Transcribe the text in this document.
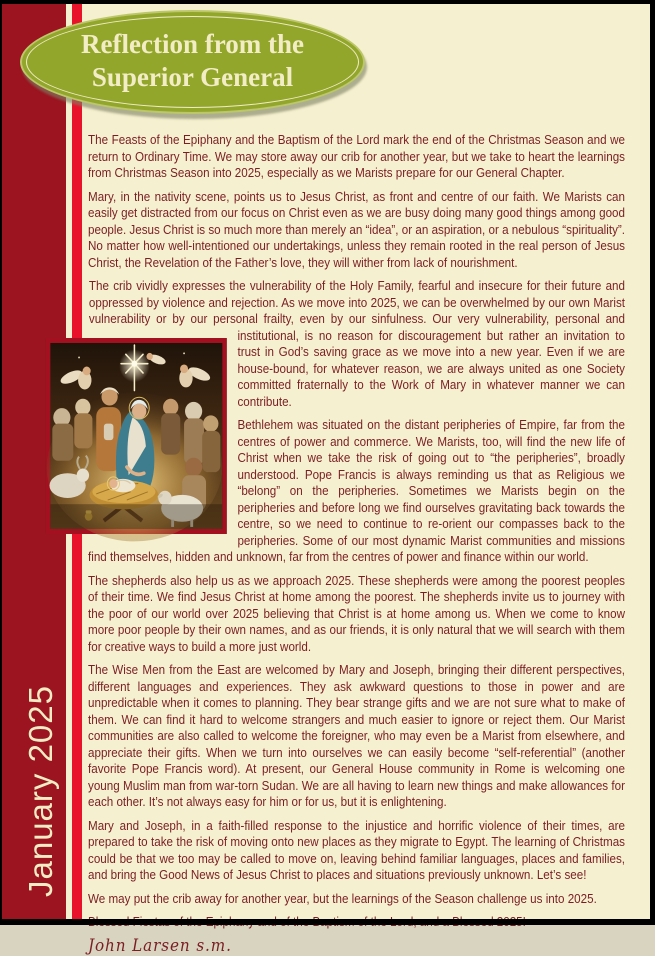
January 2025
Reflection from the
Superior General

The Feasts of the Epiphany and the Baptism of the Lord mark the end of the Christmas Season and we return to Ordinary Time. We may store away our crib for another year, but we take to heart the learnings from Christmas Season into 2025, especially as we Marists prepare for our General Chapter.

Mary, in the nativity scene, points us to Jesus Christ, as front and centre of our faith. We Marists can easily get distracted from our focus on Christ even as we are busy doing many good things among good people. Jesus Christ is so much more than merely an “idea”, or an aspiration, or a nebulous “spirituality”. No matter how well-intentioned our undertakings, unless they remain rooted in the real person of Jesus Christ, the Revelation of the Father’s love, they will wither from lack of nourishment.

The crib vividly expresses the vulnerability of the Holy Family, fearful and insecure for their future and oppressed by violence and rejection. As we move into 2025, we can be overwhelmed by our own Marist vulnerability or by our personal frailty, even by our sinfulness. Our very vulnerability, personal and institutional, is no reason for discouragement but rather an invitation to trust in God’s saving grace as we move into a new year. Even if we are house-bound, for whatever reason, we are always united as one Society committed fraternally to the Work of Mary in whatever manner we can contribute.

Bethlehem was situated on the distant peripheries of Empire, far from the centres of power and commerce. We Marists, too, will find the new life of Christ when we take the risk of going out to “the peripheries”, broadly understood. Pope Francis is always reminding us that as Religious we “belong” on the peripheries. Sometimes we Marists begin on the peripheries and before long we find ourselves gravitating back towards the centre, so we need to continue to re-orient our compasses back to the peripheries. Some of our most dynamic Marist communities and missions find themselves, hidden and unknown, far from the centres of power and finance within our world.

The shepherds also help us as we approach 2025. These shepherds were among the poorest peoples of their time. We find Jesus Christ at home among the poorest. The shepherds invite us to journey with the poor of our world over 2025 believing that Christ is at home among us. When we come to know more poor people by their own names, and as our friends, it is only natural that we will search with them for creative ways to build a more just world.

The Wise Men from the East are welcomed by Mary and Joseph, bringing their different perspectives, different languages and experiences. They ask awkward questions to those in power and are unpredictable when it comes to planning. They bear strange gifts and we are not sure what to make of them. We can find it hard to welcome strangers and much easier to ignore or reject them. Our Marist communities are also called to welcome the foreigner, who may even be a Marist from elsewhere, and appreciate their gifts. When we turn into ourselves we can easily become “self-referential” (another favorite Pope Francis word). At present, our General House community in Rome is welcoming one young Muslim man from war-torn Sudan. We are all having to learn new things and make allowances for each other. It’s not always easy for him or for us, but it is enlightening.

Mary and Joseph, in a faith-filled response to the injustice and horrific violence of their times, are prepared to take the risk of moving onto new places as they migrate to Egypt. The learning of Christmas could be that we too may be called to move on, leaving behind familiar languages, places and families, and bring the Good News of Jesus Christ to places and situations previously unknown. Let’s see!

We may put the crib away for another year, but the learnings of the Season challenge us into 2025.

John Larsen s.m.
